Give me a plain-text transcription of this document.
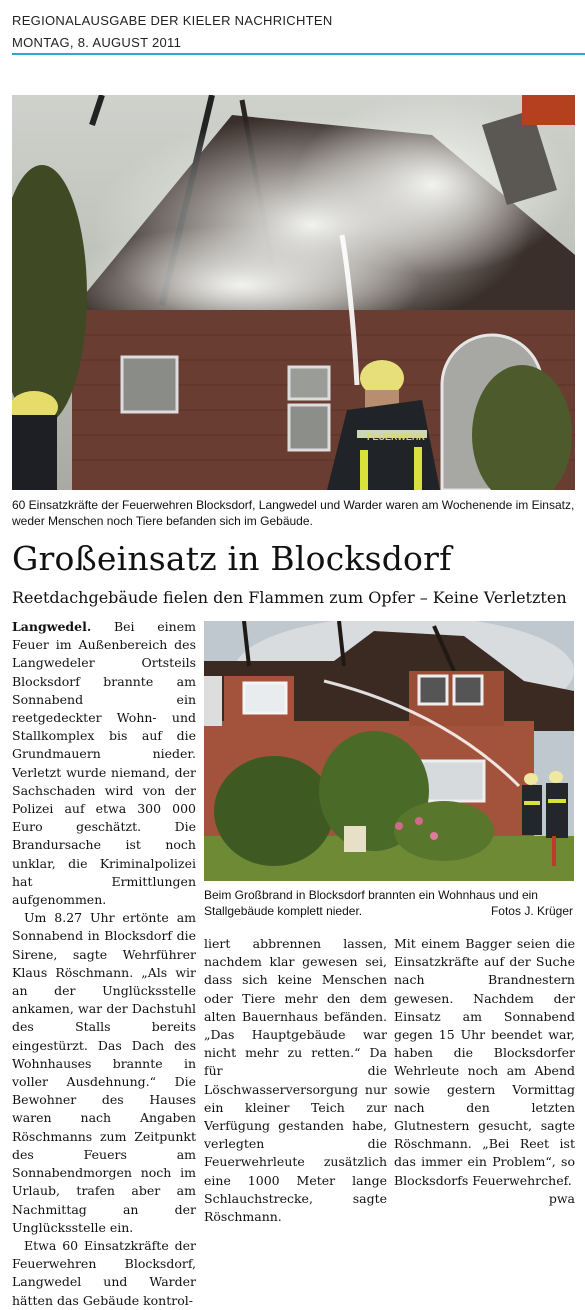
REGIONALAUSGABE DER KIELER NACHRICHTEN
MONTAG, 8. AUGUST 2011
FEUERWEHR
60 Einsatzkräfte der Feuerwehren Blocksdorf, Langwedel und Warder waren am Wochenende im Einsatz, weder Menschen noch Tiere befanden sich im Gebäude.
Großeinsatz in Blocksdorf
Reetdachgebäude fielen den Flammen zum Opfer – Keine Verletzten

Langwedel. Bei einem Feuer im Außenbereich des Langwedeler Ortsteils Blocksdorf brannte am Sonnabend ein reetgedeckter Wohn- und Stallkomplex bis auf die Grundmauern nieder. Verletzt wurde niemand, der Sachschaden wird von der Polizei auf etwa 300 000 Euro geschätzt. Die Brandursache ist noch unklar, die Kriminalpolizei hat Ermittlungen aufgenommen.

Um 8.27 Uhr ertönte am Sonnabend in Blocksdorf die Sirene, sagte Wehrführer Klaus Röschmann. „Als wir an der Unglücksstelle ankamen, war der Dachstuhl des Stalls bereits eingestürzt. Das Dach des Wohnhauses brannte in voller Ausdehnung.“ Die Bewohner des Hauses waren nach Angaben Röschmanns zum Zeitpunkt des Feuers am Sonnabendmorgen noch im Urlaub, trafen aber am Nachmittag an der Unglücksstelle ein.

Etwa 60 Einsatzkräfte der Feuerwehren Blocksdorf, Langwedel und Warder hätten das Gebäude kontrol-

Beim Großbrand in Blocksdorf brannten ein Wohnhaus und ein Stallgebäude komplett nieder.	Fotos J. Krüger

liert abbrennen lassen, nachdem klar gewesen sei, dass sich keine Menschen oder Tiere mehr den dem alten Bauernhaus befänden. „Das Hauptgebäude war nicht mehr zu retten.“ Da für die Löschwasserversorgung nur ein kleiner Teich zur Verfügung gestanden habe, verlegten die Feuerwehrleute zusätzlich eine 1000 Meter lange Schlauchstrecke, sagte Röschmann.

Mit einem Bagger seien die Einsatzkräfte auf der Suche nach Brandnestern gewesen. Nachdem der Einsatz am Sonnabend gegen 15 Uhr beendet war, haben die Blocksdorfer Wehrleute noch am Abend sowie gestern Vormittag nach den letzten Glutnestern gesucht, sagte Röschmann. „Bei Reet ist das immer ein Problem“, so Blocksdorfs Feuerwehrchef.

pwa
